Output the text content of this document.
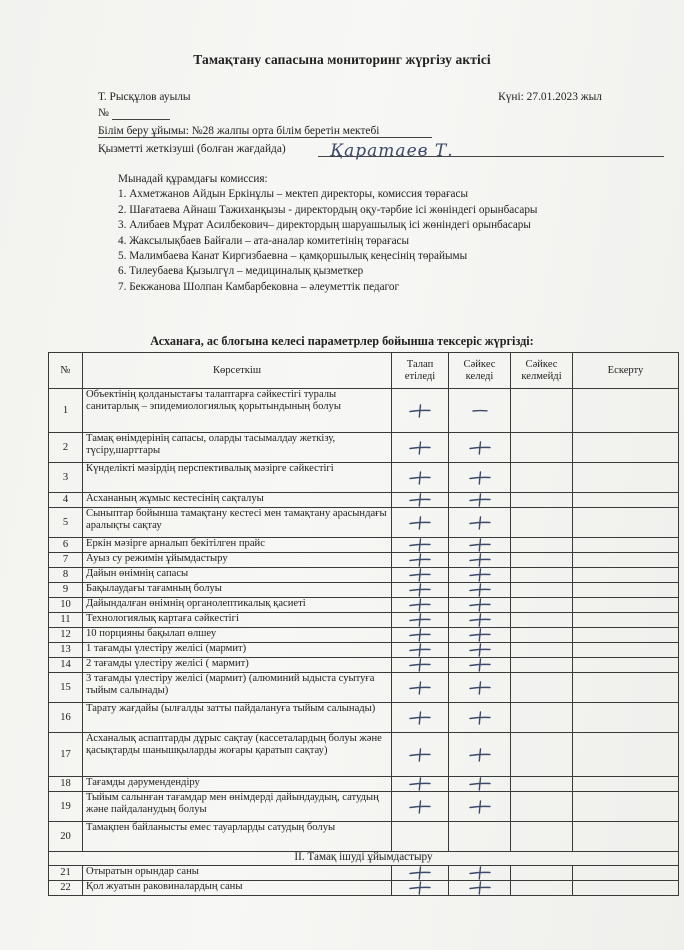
Тамақтану сапасына мониторинг жүргізу актісі
Т. Рысқұлов ауылы	Күні: 27.01.2023 жыл
№
Білім беру ұйымы: №28 жалпы орта білім беретін мектебі
Қызметті жеткізуші (болған жағдайда)	Қаратаев Т.
Мынадай құрамдағы комиссия:
1. Ахметжанов Айдын Еркінұлы – мектеп директоры, комиссия төрағасы
2. Шағатаева Айнаш Тажиханқызы - директордың оқу-тәрбие ісі жөніндегі орынбасары
3. Алибаев Мұрат Асилбекович– директордың шаруашылық ісі жөніндегі орынбасары
4. Жаксылықбаев Байғали – ата-аналар комитетінің төрағасы
5. Малимбаева Канат Киргизбаевна – қамқоршылық кеңесінің төрайымы
6. Тилеубаева Қызылгүл – медициналық қызметкер
7. Бекжанова Шолпан Камбарбековна – әлеуметтік педагог
Асханаға, ас блогына келесі параметрлер бойынша тексеріс жүргізді:
№	Көрсеткіш	Талап етіледі	Сәйкес келеді	Сәйкес келмейді	Ескерту
1	Объектінің қолданыстағы талаптарға сәйкестігі туралы санитарлық – эпидемиологиялық қорытындының болуы	

2	Тамақ өнімдерінің сапасы, оларды тасымалдау жеткізу, түсіру,шарттары	

3	Күнделікті мәзірдің перспективалық мәзірге сәйкестігі	

4	Асхананың жұмыс кестесінің сақталуы	

5	Сыныптар бойынша тамақтану кестесі мен тамақтану арасындағы аралықты сақтау	

6	Еркін мәзірге арналып бекітілген прайс	

7	Ауыз су режимін ұйымдастыру	

8	Дайын өнімнің сапасы	

9	Бақылаудағы тағамның болуы	

10	Дайындалған өнімнің органолептикалық қасиеті	

11	Технологиялық картаға сәйкестігі	

12	10 порцияны бақылап өлшеу	

13	1 тағамды үлестіру желісі (мармит)	

14	2 тағамды үлестіру желісі ( мармит)	

15	3 тағамды үлестіру желісі (мармит) (алюминий ыдыста суытуға тыйым салынады)	

16	Тарату жағдайы (ылғалды затты пайдалануға тыйым салынады)	

17	Асханалық аспаптарды дұрыс сақтау (кассеталардың болуы және қасықтарды шанышқыларды жоғары қаратып сақтау)	

18	Тағамды дәрумендендіру	

19	Тыйым салынған тағамдар мен өнімдерді дайындаудың, сатудың және пайдаланудың болуы	

20	Тамақпен байланысты емес тауарларды сатудың болуы				
II. Тамақ ішуді ұйымдастыру					
21	Отыратын орындар саны	

22	Қол жуатын раковиналардың саны	
